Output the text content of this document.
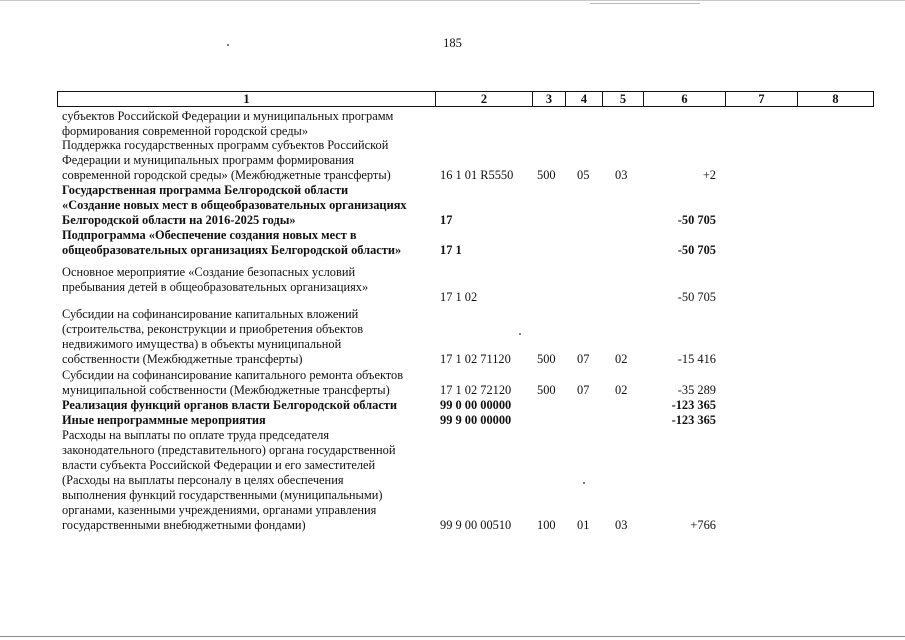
185
1	2	3	4	5	6	7	8
субъектов Российской Федерации и муниципальных программ
формирования современной городской среды»
Поддержка государственных программ субъектов Российской
Федерации и муниципальных программ формирования
современной городской среды» (Межбюджетные трансферты)	16 1 01 R5550 500 05 03	+2
Государственная программа Белгородской области
«Создание новых мест в общеобразовательных организациях
Белгородской области на 2016-2025 годы»	17	-50 705
Подпрограмма «Обеспечение создания новых мест в
общеобразовательных организациях Белгородской области»	17 1	-50 705
Основное мероприятие «Создание безопасных условий
пребывания детей в общеобразовательных организациях»
17 1 02	-50 705
Субсидии на софинансирование капитальных вложений
(строительства, реконструкции и приобретения объектов
недвижимого имущества) в объекты муниципальной
собственности (Межбюджетные трансферты)	17 1 02 71120 500 07 02	-15 416
Субсидии на софинансирование капитального ремонта объектов
муниципальной собственности (Межбюджетные трансферты)	17 1 02 72120 500 07 02	-35 289
Реализация функций органов власти Белгородской области	99 0 00 00000	-123 365
Иные непрограммные мероприятия	99 9 00 00000	-123 365
Расходы на выплаты по оплате труда председателя
законодательного (представительного) органа государственной
власти субъекта Российской Федерации и его заместителей
(Расходы на выплаты персоналу в целях обеспечения
выполнения функций государственными (муниципальными)
органами, казенными учреждениями, органами управления
государственными внебюджетными фондами)	99 9 00 00510 100 01 03	+766
